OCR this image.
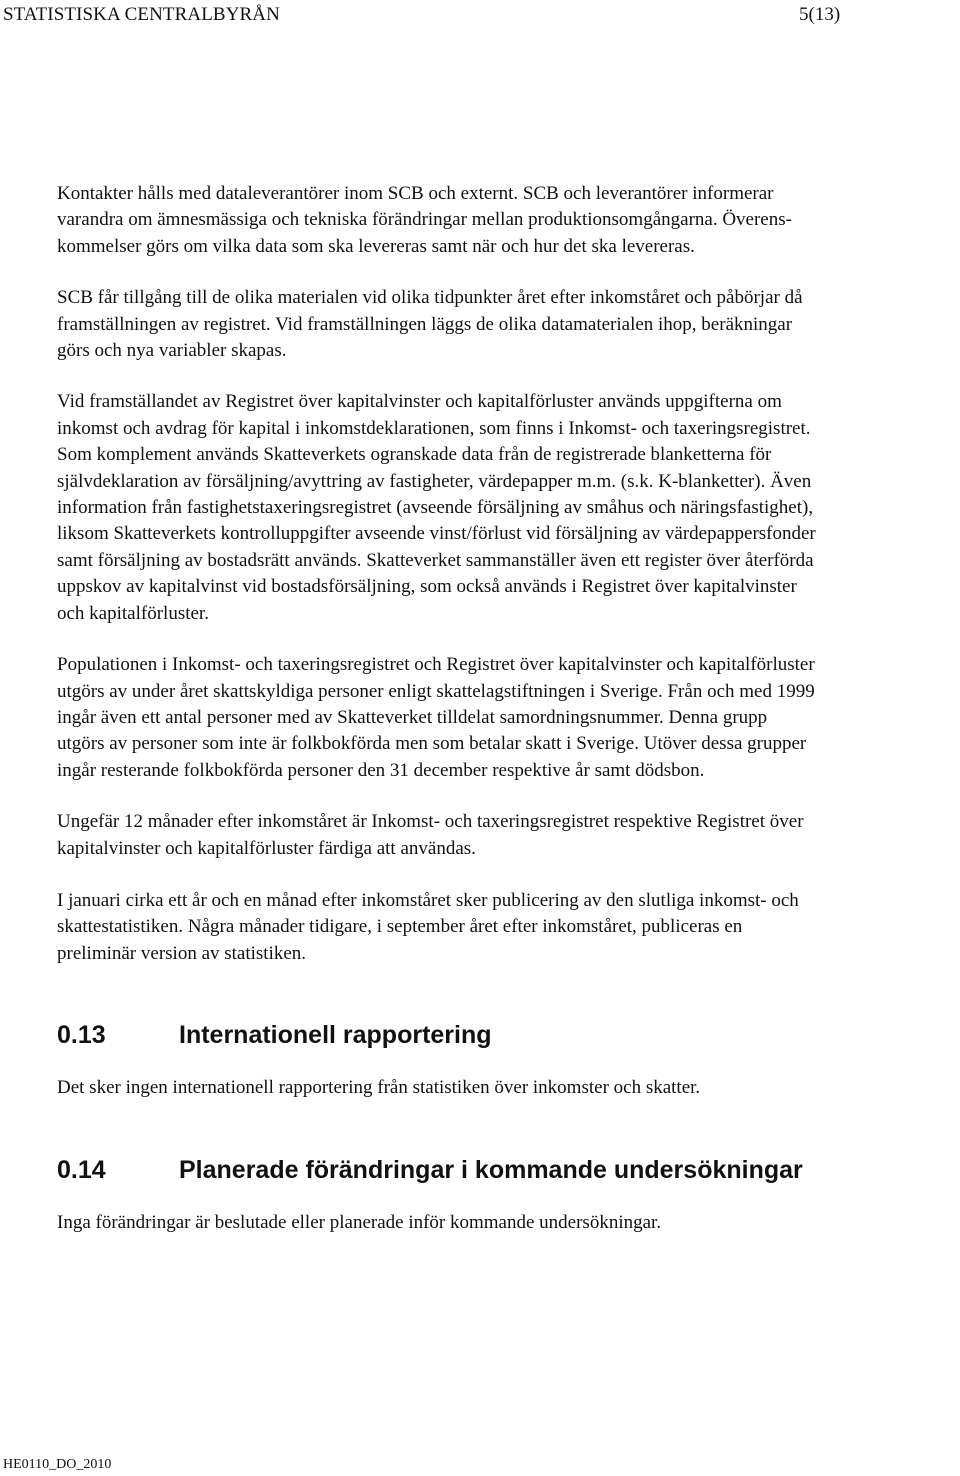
STATISTISKA CENTRALBYRÅN	5(13)

Kontakter hålls med dataleverantörer inom SCB och externt. SCB och leverantörer informerar
varandra om ämnesmässiga och tekniska förändringar mellan produktionsomgångarna. Överens-
kommelser görs om vilka data som ska levereras samt när och hur det ska levereras.

SCB får tillgång till de olika materialen vid olika tidpunkter året efter inkomståret och påbörjar då
framställningen av registret. Vid framställningen läggs de olika datamaterialen ihop, beräkningar
görs och nya variabler skapas.

Vid framställandet av Registret över kapitalvinster och kapitalförluster används uppgifterna om
inkomst och avdrag för kapital i inkomstdeklarationen, som finns i Inkomst- och taxeringsregistret.
Som komplement används Skatteverkets ogranskade data från de registrerade blanketterna för
självdeklaration av försäljning/avyttring av fastigheter, värdepapper m.m. (s.k. K-blanketter). Även
information från fastighetstaxeringsregistret (avseende försäljning av småhus och näringsfastighet),
liksom Skatteverkets kontrolluppgifter avseende vinst/förlust vid försäljning av värdepappersfonder
samt försäljning av bostadsrätt används. Skatteverket sammanställer även ett register över återförda
uppskov av kapitalvinst vid bostadsförsäljning, som också används i Registret över kapitalvinster
och kapitalförluster.

Populationen i Inkomst- och taxeringsregistret och Registret över kapitalvinster och kapitalförluster
utgörs av under året skattskyldiga personer enligt skattelagstiftningen i Sverige. Från och med 1999
ingår även ett antal personer med av Skatteverket tilldelat samordningsnummer. Denna grupp
utgörs av personer som inte är folkbokförda men som betalar skatt i Sverige. Utöver dessa grupper
ingår resterande folkbokförda personer den 31 december respektive år samt dödsbon.

Ungefär 12 månader efter inkomståret är Inkomst- och taxeringsregistret respektive Registret över
kapitalvinster och kapitalförluster färdiga att användas.

I januari cirka ett år och en månad efter inkomståret sker publicering av den slutliga inkomst- och
skattestatistiken. Några månader tidigare, i september året efter inkomståret, publiceras en
preliminär version av statistiken.

0.13	Internationell rapportering

Det sker ingen internationell rapportering från statistiken över inkomster och skatter.

0.14	Planerade förändringar i kommande undersökningar

Inga förändringar är beslutade eller planerade inför kommande undersökningar.

HE0110_DO_2010
